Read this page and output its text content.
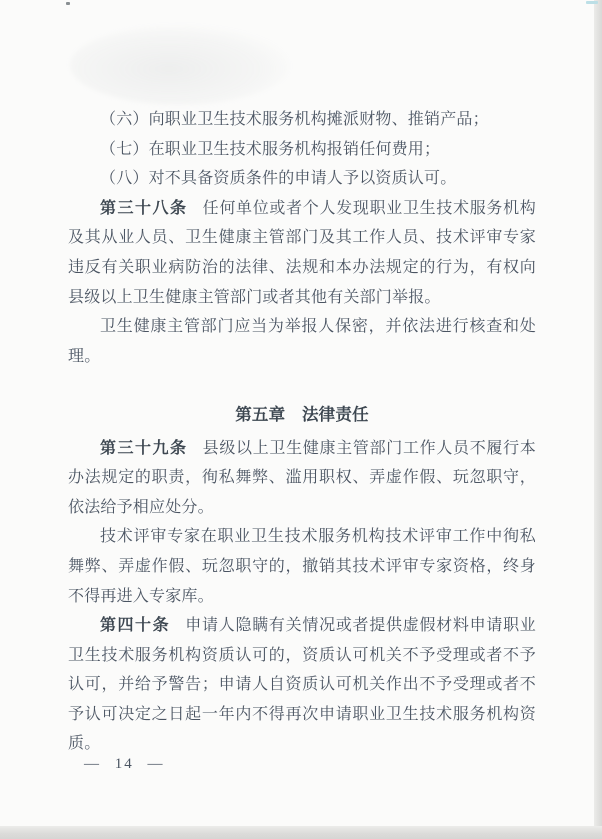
（六）向职业卫生技术服务机构摊派财物、推销产品；

（七）在职业卫生技术服务机构报销任何费用；

（八）对不具备资质条件的申请人予以资质认可。

第三十八条 任何单位或者个人发现职业卫生技术服务机构及其从业人员、卫生健康主管部门及其工作人员、技术评审专家违反有关职业病防治的法律、法规和本办法规定的行为，有权向县级以上卫生健康主管部门或者其他有关部门举报。

卫生健康主管部门应当为举报人保密，并依法进行核查和处理。

第五章　法律责任

第三十九条 县级以上卫生健康主管部门工作人员不履行本办法规定的职责，徇私舞弊、滥用职权、弄虚作假、玩忽职守，依法给予相应处分。

技术评审专家在职业卫生技术服务机构技术评审工作中徇私舞弊、弄虚作假、玩忽职守的，撤销其技术评审专家资格，终身不得再进入专家库。

第四十条 申请人隐瞒有关情况或者提供虚假材料申请职业卫生技术服务机构资质认可的，资质认可机关不予受理或者不予认可，并给予警告；申请人自资质认可机关作出不予受理或者不予认可决定之日起一年内不得再次申请职业卫生技术服务机构资质。

— 14 —
